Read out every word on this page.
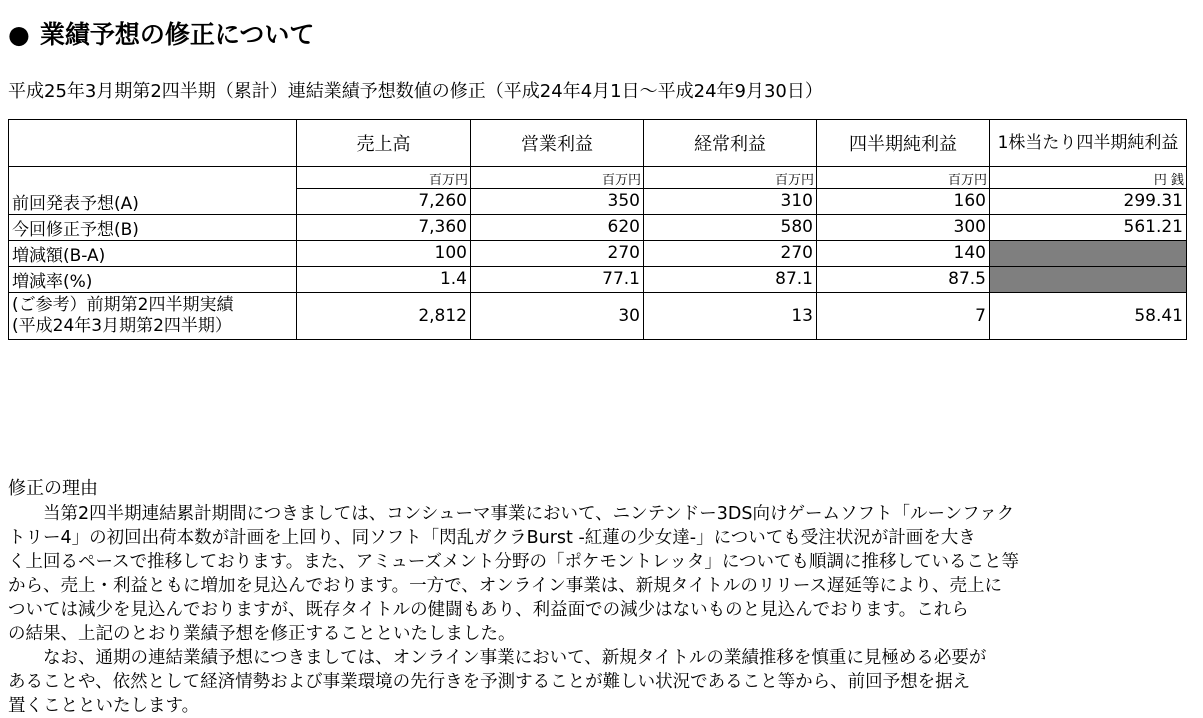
● 業績予想の修正について
平成25年3月期第2四半期（累計）連結業績予想数値の修正（平成24年4月1日～平成24年9月30日）
	売上高	営業利益	経常利益	四半期純利益	1株当たり四半期純利益
	百万円	百万円	百万円	百万円	円 銭
前回発表予想(A)	7,260	350	310	160	299.31
今回修正予想(B)	7,360	620	580	300	561.21
増減額(B-A)	100	270	270	140	
増減率(%)	1.4	77.1	87.1	87.5	

(ご参考）前期第2四半期実績
(平成24年3月期第2四半期）	2,812	30	13	7	58.41
修正の理由

当第2四半期連結累計期間につきましては、コンシューマ事業において、ニンテンドー3DS向けゲームソフト「ルーンファク
トリー4」の初回出荷本数が計画を上回り、同ソフト「閃乱ガクラBurst -紅蓮の少女達-」についても受注状況が計画を大き
く上回るペースで推移しております。また、アミューズメント分野の「ポケモントレッタ」についても順調に推移していること等
から、売上・利益ともに増加を見込んでおります。一方で、オンライン事業は、新規タイトルのリリース遅延等により、売上に
ついては減少を見込んでおりますが、既存タイトルの健闘もあり、利益面での減少はないものと見込んでおります。これら
の結果、上記のとおり業績予想を修正することといたしました。

なお、通期の連結業績予想につきましては、オンライン事業において、新規タイトルの業績推移を慎重に見極める必要が
あることや、依然として経済情勢および事業環境の先行きを予測することが難しい状況であること等から、前回予想を据え
置くことといたします。
